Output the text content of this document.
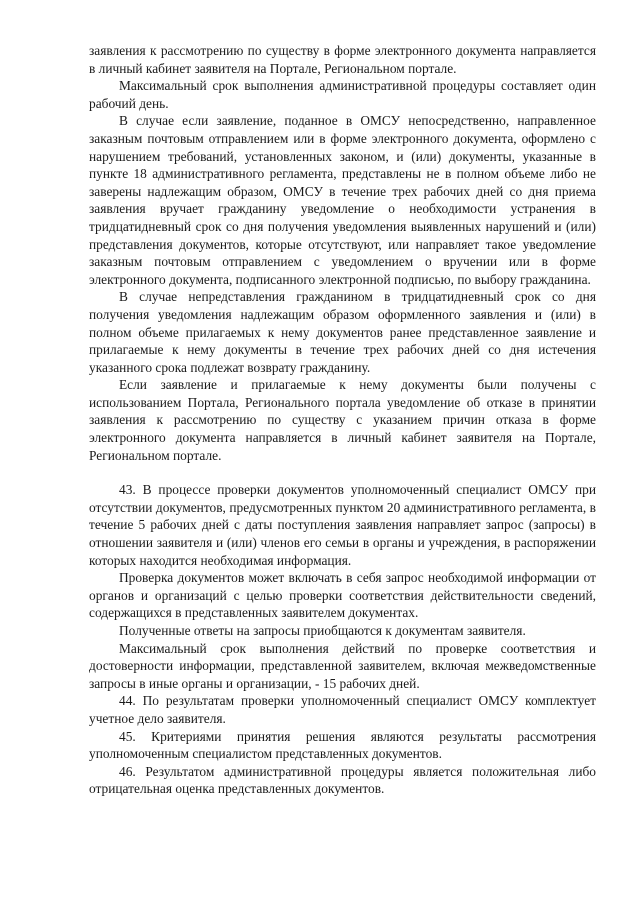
заявления к рассмотрению по существу в форме электронного документа направляется в личный кабинет заявителя на Портале, Региональном портале.

Максимальный срок выполнения административной процедуры составляет один рабочий день.

В случае если заявление, поданное в ОМСУ непосредственно, направленное заказным почтовым отправлением или в форме электронного документа, оформлено с нарушением требований, установленных законом, и (или) документы, указанные в пункте 18 административного регламента, представлены не в полном объеме либо не заверены надлежащим образом, ОМСУ в течение трех рабочих дней со дня приема заявления вручает гражданину уведомление о необходимости устранения в тридцатидневный срок со дня получения уведомления выявленных нарушений и (или) представления документов, которые отсутствуют, или направляет такое уведомление заказным почтовым отправлением с уведомлением о вручении или в форме электронного документа, подписанного электронной подписью, по выбору гражданина.

В случае непредставления гражданином в тридцатидневный срок со дня получения уведомления надлежащим образом оформленного заявления и (или) в полном объеме прилагаемых к нему документов ранее представленное заявление и прилагаемые к нему документы в течение трех рабочих дней со дня истечения указанного срока подлежат возврату гражданину.

Если заявление и прилагаемые к нему документы были получены с использованием Портала, Регионального портала уведомление об отказе в принятии заявления к рассмотрению по существу с указанием причин отказа в форме электронного документа направляется в личный кабинет заявителя на Портале, Региональном портале.

43. В процессе проверки документов уполномоченный специалист ОМСУ при отсутствии документов, предусмотренных пунктом 20 административного регламента, в течение 5 рабочих дней с даты поступления заявления направляет запрос (запросы) в отношении заявителя и (или) членов его семьи в органы и учреждения, в распоряжении которых находится необходимая информация.

Проверка документов может включать в себя запрос необходимой информации от органов и организаций с целью проверки соответствия действительности сведений, содержащихся в представленных заявителем документах.

Полученные ответы на запросы приобщаются к документам заявителя.

Максимальный срок выполнения действий по проверке соответствия и достоверности информации, представленной заявителем, включая межведомственные запросы в иные органы и организации, - 15 рабочих дней.

44. По результатам проверки уполномоченный специалист ОМСУ комплектует учетное дело заявителя.

45. Критериями принятия решения являются результаты рассмотрения уполномоченным специалистом представленных документов.

46. Результатом административной процедуры является положительная либо отрицательная оценка представленных документов.
